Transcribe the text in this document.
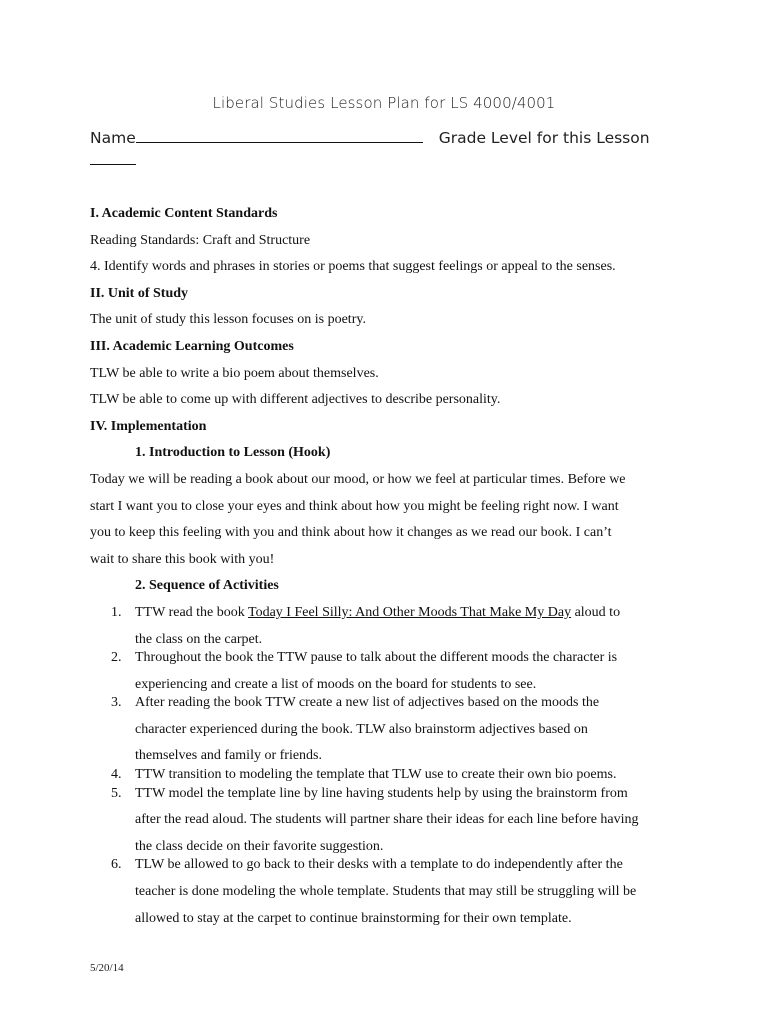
Liberal Studies Lesson Plan for LS 4000/4001
Name	Grade Level for this Lesson
I. Academic Content Standards
Reading Standards: Craft and Structure
4. Identify words and phrases in stories or poems that suggest feelings or appeal to the senses.
II. Unit of Study
The unit of study this lesson focuses on is poetry.
III. Academic Learning Outcomes
TLW be able to write a bio poem about themselves.
TLW be able to come up with different adjectives to describe personality.
IV. Implementation
1. Introduction to Lesson (Hook)
Today we will be reading a book about our mood, or how we feel at particular times. Before we
start I want you to close your eyes and think about how you might be feeling right now. I want
you to keep this feeling with you and think about how it changes as we read our book. I can’t
wait to share this book with you!
2. Sequence of Activities
1. TTW read the book Today I Feel Silly: And Other Moods That Make My Day aloud to
the class on the carpet.
2. Throughout the book the TTW pause to talk about the different moods the character is
experiencing and create a list of moods on the board for students to see.
3. After reading the book TTW create a new list of adjectives based on the moods the
character experienced during the book. TLW also brainstorm adjectives based on
themselves and family or friends.
4. TTW transition to modeling the template that TLW use to create their own bio poems.
5. TTW model the template line by line having students help by using the brainstorm from
after the read aloud. The students will partner share their ideas for each line before having
the class decide on their favorite suggestion.
6. TLW be allowed to go back to their desks with a template to do independently after the
teacher is done modeling the whole template. Students that may still be struggling will be
allowed to stay at the carpet to continue brainstorming for their own template.
5/20/14
